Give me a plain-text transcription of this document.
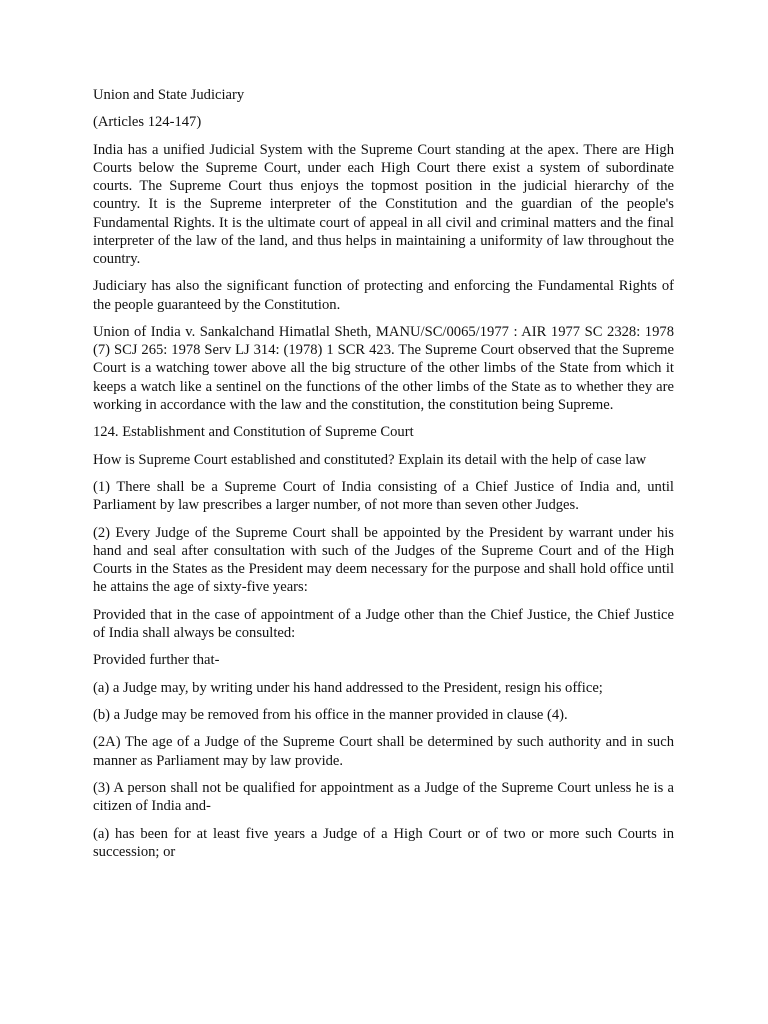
Union and State Judiciary

(Articles 124-147)

India has a unified Judicial System with the Supreme Court standing at the apex. There are High Courts below the Supreme Court, under each High Court there exist a system of subordinate courts. The Supreme Court thus enjoys the topmost position in the judicial hierarchy of the country. It is the Supreme interpreter of the Constitution and the guardian of the people's Fundamental Rights. It is the ultimate court of appeal in all civil and criminal matters and the final interpreter of the law of the land, and thus helps in maintaining a uniformity of law throughout the country.

Judiciary has also the significant function of protecting and enforcing the Fundamental Rights of the people guaranteed by the Constitution.

Union of India v. Sankalchand Himatlal Sheth, MANU/SC/0065/1977 : AIR 1977 SC 2328: 1978 (7) SCJ 265: 1978 Serv LJ 314: (1978) 1 SCR 423. The Supreme Court observed that the Supreme Court is a watching tower above all the big structure of the other limbs of the State from which it keeps a watch like a sentinel on the functions of the other limbs of the State as to whether they are working in accordance with the law and the constitution, the constitution being Supreme.

124. Establishment and Constitution of Supreme Court

How is Supreme Court established and constituted? Explain its detail with the help of case law

(1) There shall be a Supreme Court of India consisting of a Chief Justice of India and, until Parliament by law prescribes a larger number, of not more than seven other Judges.

(2) Every Judge of the Supreme Court shall be appointed by the President by warrant under his hand and seal after consultation with such of the Judges of the Supreme Court and of the High Courts in the States as the President may deem necessary for the purpose and shall hold office until he attains the age of sixty-five years:

Provided that in the case of appointment of a Judge other than the Chief Justice, the Chief Justice of India shall always be consulted:

Provided further that-

(a) a Judge may, by writing under his hand addressed to the President, resign his office;

(b) a Judge may be removed from his office in the manner provided in clause (4).

(2A) The age of a Judge of the Supreme Court shall be determined by such authority and in such manner as Parliament may by law provide.

(3) A person shall not be qualified for appointment as a Judge of the Supreme Court unless he is a citizen of India and-

(a) has been for at least five years a Judge of a High Court or of two or more such Courts in succession; or
